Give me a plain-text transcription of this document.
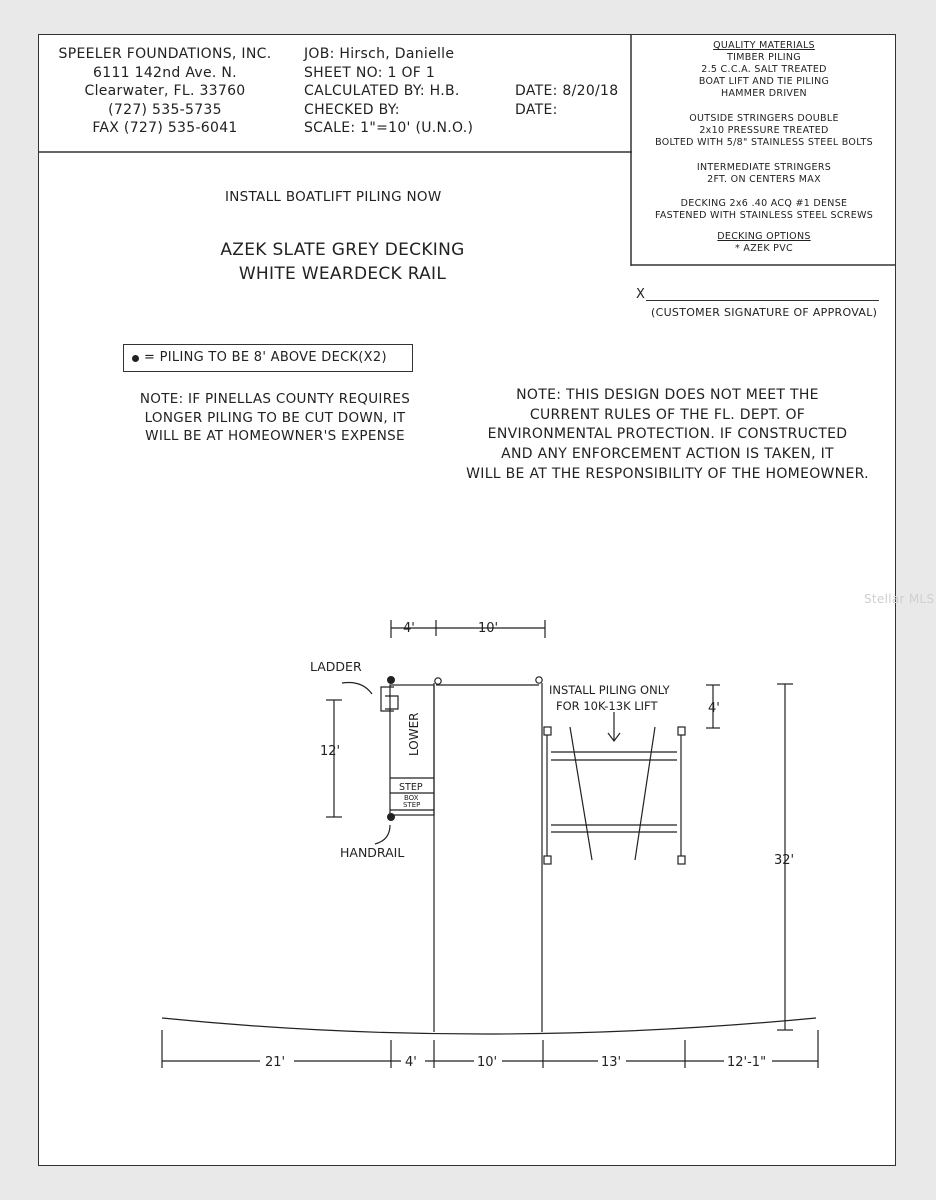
SPEELER FOUNDATIONS, INC.
6111 142nd Ave. N.
Clearwater, FL. 33760
(727) 535-5735
FAX (727) 535-6041
JOB: Hirsch, Danielle
SHEET NO: 1 OF 1
CALCULATED BY: H.B.
CHECKED BY:
SCALE: 1"=10' (U.N.O.)
DATE: 8/20/18
DATE:
QUALITY MATERIALS
TIMBER PILING
2.5 C.C.A. SALT TREATED
BOAT LIFT AND TIE PILING
HAMMER DRIVEN
OUTSIDE STRINGERS DOUBLE
2x10 PRESSURE TREATED
BOLTED WITH 5/8" STAINLESS STEEL BOLTS
INTERMEDIATE STRINGERS
2FT. ON CENTERS MAX
DECKING 2x6 .40 ACQ #1 DENSE
FASTENED WITH STAINLESS STEEL SCREWS
DECKING OPTIONS
* AZEK PVC
INSTALL BOATLIFT PILING NOW
AZEK SLATE GREY DECKING
WHITE WEARDECK RAIL
X
(CUSTOMER SIGNATURE OF APPROVAL)
= PILING TO BE 8' ABOVE DECK(X2)
NOTE: IF PINELLAS COUNTY REQUIRES
LONGER PILING TO BE CUT DOWN, IT
WILL BE AT HOMEOWNER'S EXPENSE
NOTE: THIS DESIGN DOES NOT MEET THE
CURRENT RULES OF THE FL. DEPT. OF
ENVIRONMENTAL PROTECTION. IF CONSTRUCTED
AND ANY ENFORCEMENT ACTION IS TAKEN, IT
WILL BE AT THE RESPONSIBILITY OF THE HOMEOWNER.
Stellar MLS
4'	10'
LADDER
HANDRAIL
12'	LOWER
STEP
BOX
STEP
INSTALL PILING ONLY
FOR 10K-13K LIFT	4'
32'
21'	4'	10'	13'	12'-1"
